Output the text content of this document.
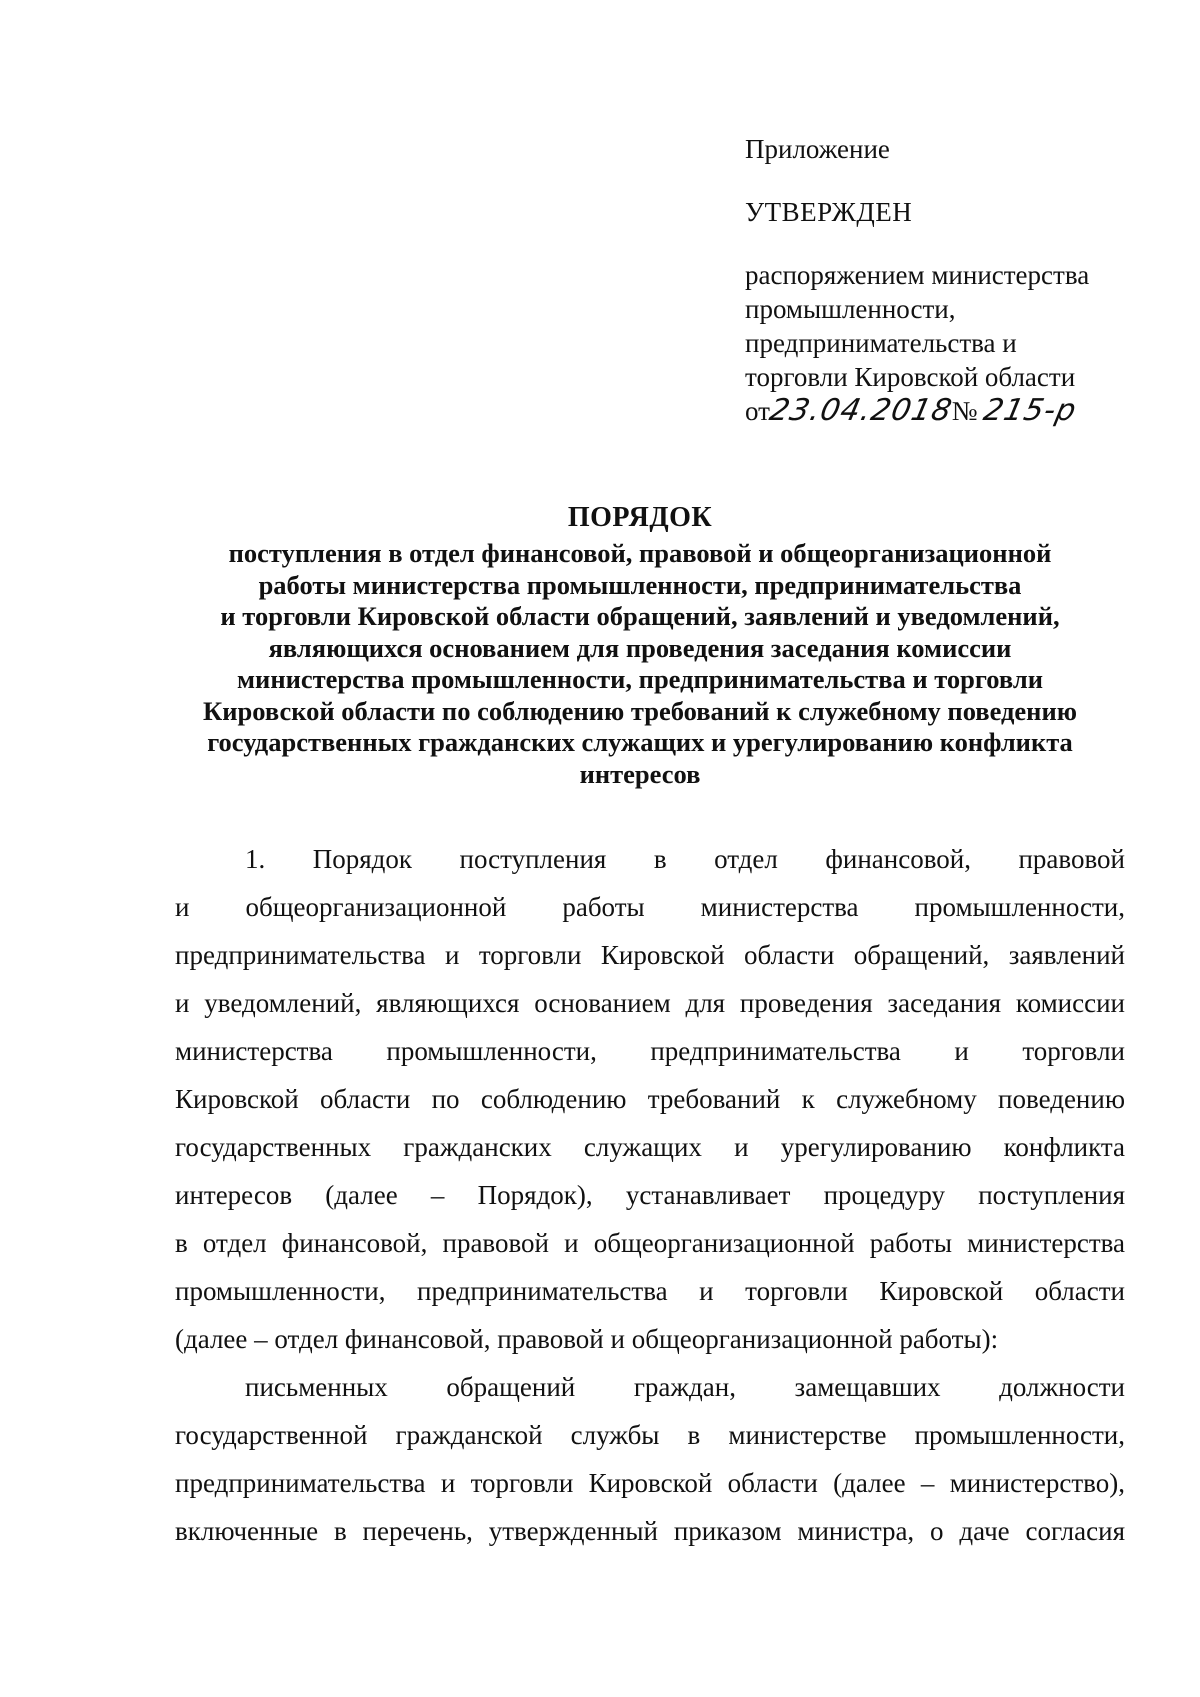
Приложение

УТВЕРЖДЕН

распоряжением министерства

промышленности,

предпринимательства и

торговли Кировской области

от23.04.2018№ 215-р

ПОРЯДОК

поступления в отдел финансовой, правовой и общеорганизационной

работы министерства промышленности, предпринимательства

и торговли Кировской области обращений, заявлений и уведомлений,

являющихся основанием для проведения заседания комиссии

министерства промышленности, предпринимательства и торговли

Кировской области по соблюдению требований к служебному поведению

государственных гражданских служащих и урегулированию конфликта

интересов

1. Порядок поступления в отдел финансовой, правовой
и общеорганизационной работы министерства промышленности,
предпринимательства и торговли Кировской области обращений, заявлений
и уведомлений, являющихся основанием для проведения заседания комиссии
министерства промышленности, предпринимательства и торговли
Кировской области по соблюдению требований к служебному поведению
государственных гражданских служащих и урегулированию конфликта
интересов (далее – Порядок), устанавливает процедуру поступления
в отдел финансовой, правовой и общеорганизационной работы министерства
промышленности, предпринимательства и торговли Кировской области
(далее – отдел финансовой, правовой и общеорганизационной работы):
письменных обращений граждан, замещавших должности
государственной гражданской службы в министерстве промышленности,
предпринимательства и торговли Кировской области (далее – министерство),
включенные в перечень, утвержденный приказом министра, о даче согласия
